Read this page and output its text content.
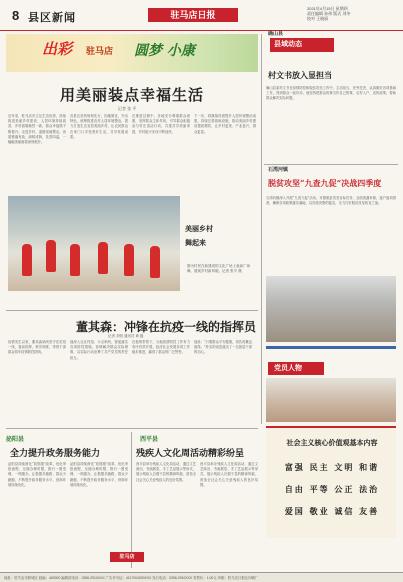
8 县区新闻	驻马店日报
2021年4月15日 星期四
责任编辑 孙伟 版式 刘冬
校对 王晓丽
出彩 驻马店 圆梦 小康
用美丽装点幸福生活
记者 张 平
近年来，驻马店市立足生态优势，持续推进美丽乡村建设，人居环境持续改善，乡村面貌焕然一新，群众幸福感不断提升。走进乡村，道路宽阔整洁，房屋错落有致，绿树成荫，花香四溢，一幅幅美丽画卷徐徐展开。
各县区坚持规划先行，因地制宜，突出特色，统筹推进农村人居环境整治，着力打造生态宜居美丽乡村，让农民群众在家门口享受美好生活，共享发展成果。
在推进过程中，各地充分尊重群众意愿，发挥群众主体作用，引导群众积极参与村庄清洁行动，共建共享美丽家园，乡村振兴步伐不断加快。
下一步，将继续巩固提升人居环境整治成果，持续完善基础设施，推动美丽乡村建设提质增效，让乡村更美、产业更兴、群众更富。
美丽乡村
舞起来
图为村民在新建成的文化广场上表演广场舞，展现乡村新风貌。记者 张平 摄
董其森：冲锋在抗疫一线的指挥员
记者 刘恒 通讯员 黄 磊
疫情发生以来，董其森始终坚守在抗疫一线，靠前指挥，科学调度，带领干部群众筑牢疫情防控防线。
他深入社区村组、卡点哨所，督促落实各项防控措施，协调解决群众实际困难，以实际行动诠释了共产党员的责任担当。
在他的带领下，当地疫情防控工作有力有序有效开展，经济社会发展各项工作稳步推进，赢得了群众的广泛赞誉。
他说：“只要群众平安健康，再苦再累也值得。”朴实的话语道出了一名基层干部的初心。
确山县
县域动态
村文书放入显担当
确山县某村文书在疫情防控和脱贫攻坚工作中，主动担当，任劳任怨，认真做好各项基础工作，得到群众一致好评。他坚持把群众的事当作自己的事，走村入户，宣传政策，帮助群众解决实际问题。
石湾河镇
脱贫攻坚“九查九促”决战四季度
石湾河镇深入开展“九查九促”活动，对照脱贫攻坚目标任务，全面查漏补缺，逐户逐项排查，确保各项政策落实落地，以决战决胜的姿态，全力打好脱贫攻坚收官之战。
党员人物
泌阳县
全力提升政务服务能力
泌阳县持续深化“放管服”改革，优化审批流程，压缩办理时限，推行一窗受理、一网通办，让数据多跑路、群众少跑腿，不断提升政务服务水平，营商环境持续优化。
泌阳县持续深化“放管服”改革，优化审批流程，压缩办理时限，推行一窗受理、一网通办，让数据多跑路、群众少跑腿，不断提升政务服务水平，营商环境持续优化。
西平县
残疾人文化周活动精彩纷呈
西平县举办残疾人文化周活动，通过文艺演出、书画展览、手工艺品展示等形式，展示残疾人自强不息的精神风貌，营造全社会关心关爱残疾人的良好氛围。
西平县举办残疾人文化周活动，通过文艺演出、书画展览、手工艺品展示等形式，展示残疾人自强不息的精神风貌，营造全社会关心关爱残疾人的良好氛围。
驻马店
社会主义核心价值观基本内容
富强 民主 文明 和谐
自由 平等 公正 法治
爱国 敬业 诚信 友善
地址：驻马店市驿城区 邮编：463000 编辑部电话：0396-2910XXX 广告许可证：4117004000XXX 发行电话：0396-2910XXX 零售价：1.00元 印刷：驻马店日报社印刷厂
